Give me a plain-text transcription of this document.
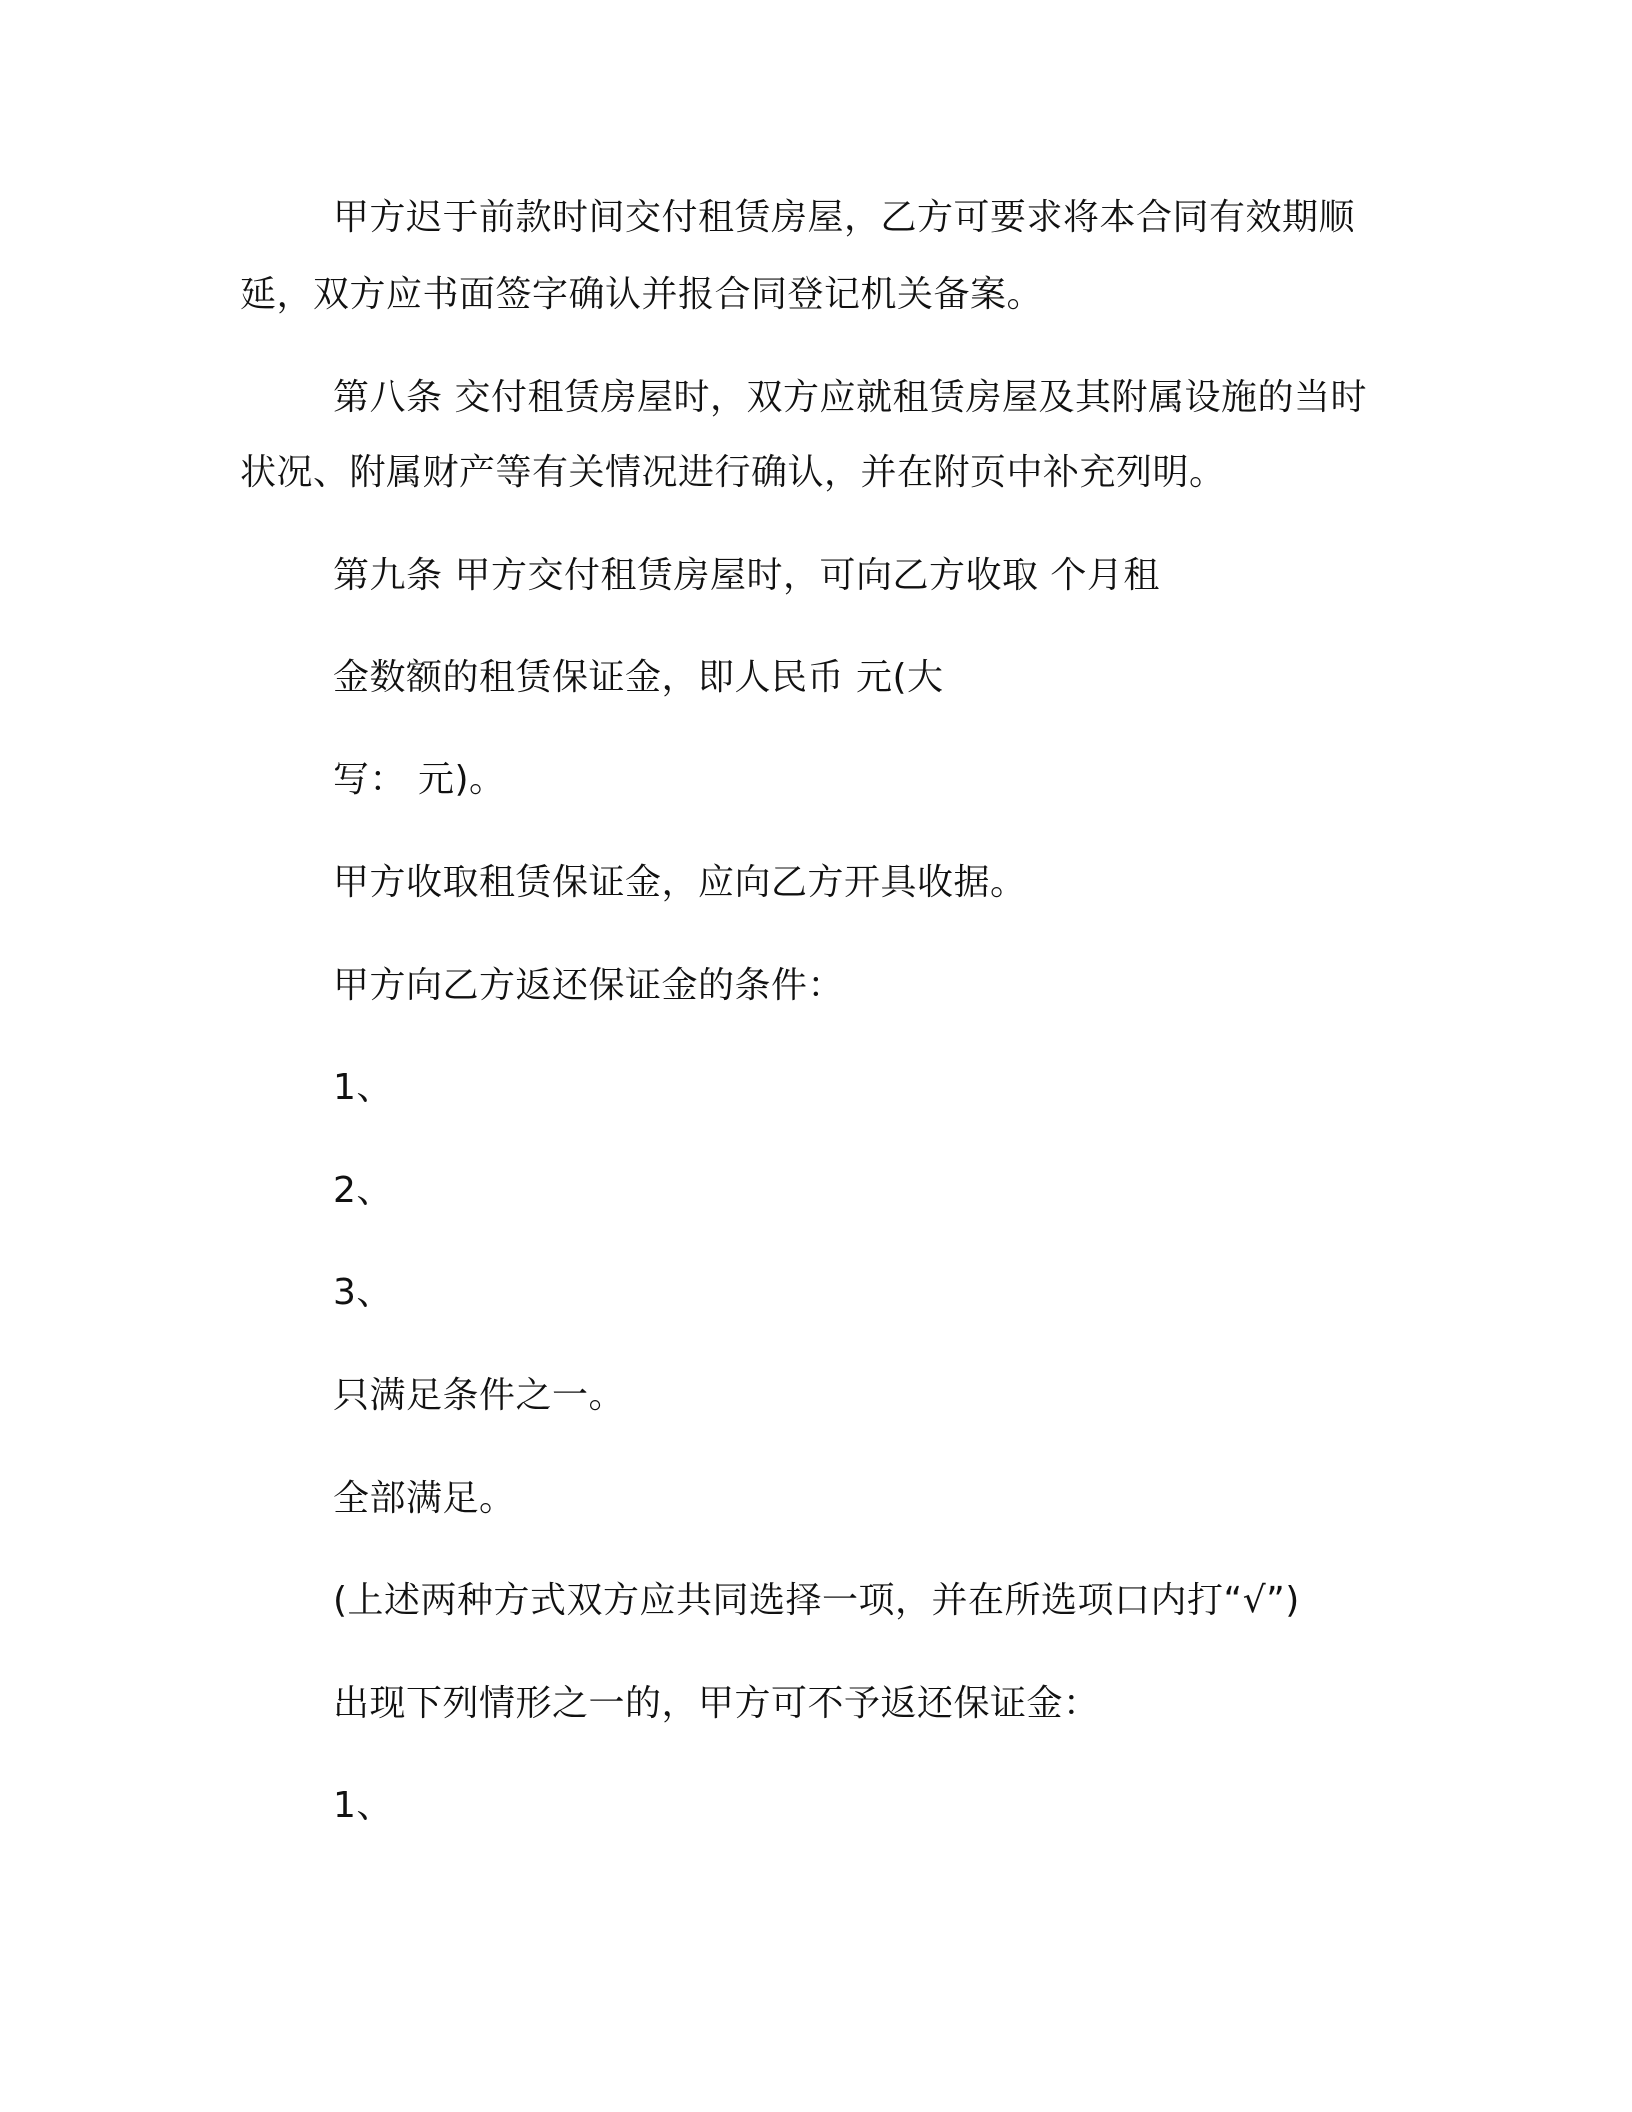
甲方迟于前款时间交付租赁房屋，乙方可要求将本合同有效期顺
延，双方应书面签字确认并报合同登记机关备案。
第八条 交付租赁房屋时，双方应就租赁房屋及其附属设施的当时
状况、附属财产等有关情况进行确认，并在附页中补充列明。
第九条 甲方交付租赁房屋时，可向乙方收取 个月租
金数额的租赁保证金，即人民币 元(大
写： 元)。
甲方收取租赁保证金，应向乙方开具收据。
甲方向乙方返还保证金的条件：
1、
2、
3、
只满足条件之一。
全部满足。
(上述两种方式双方应共同选择一项，并在所选项口内打“√”)
出现下列情形之一的，甲方可不予返还保证金：
1、
